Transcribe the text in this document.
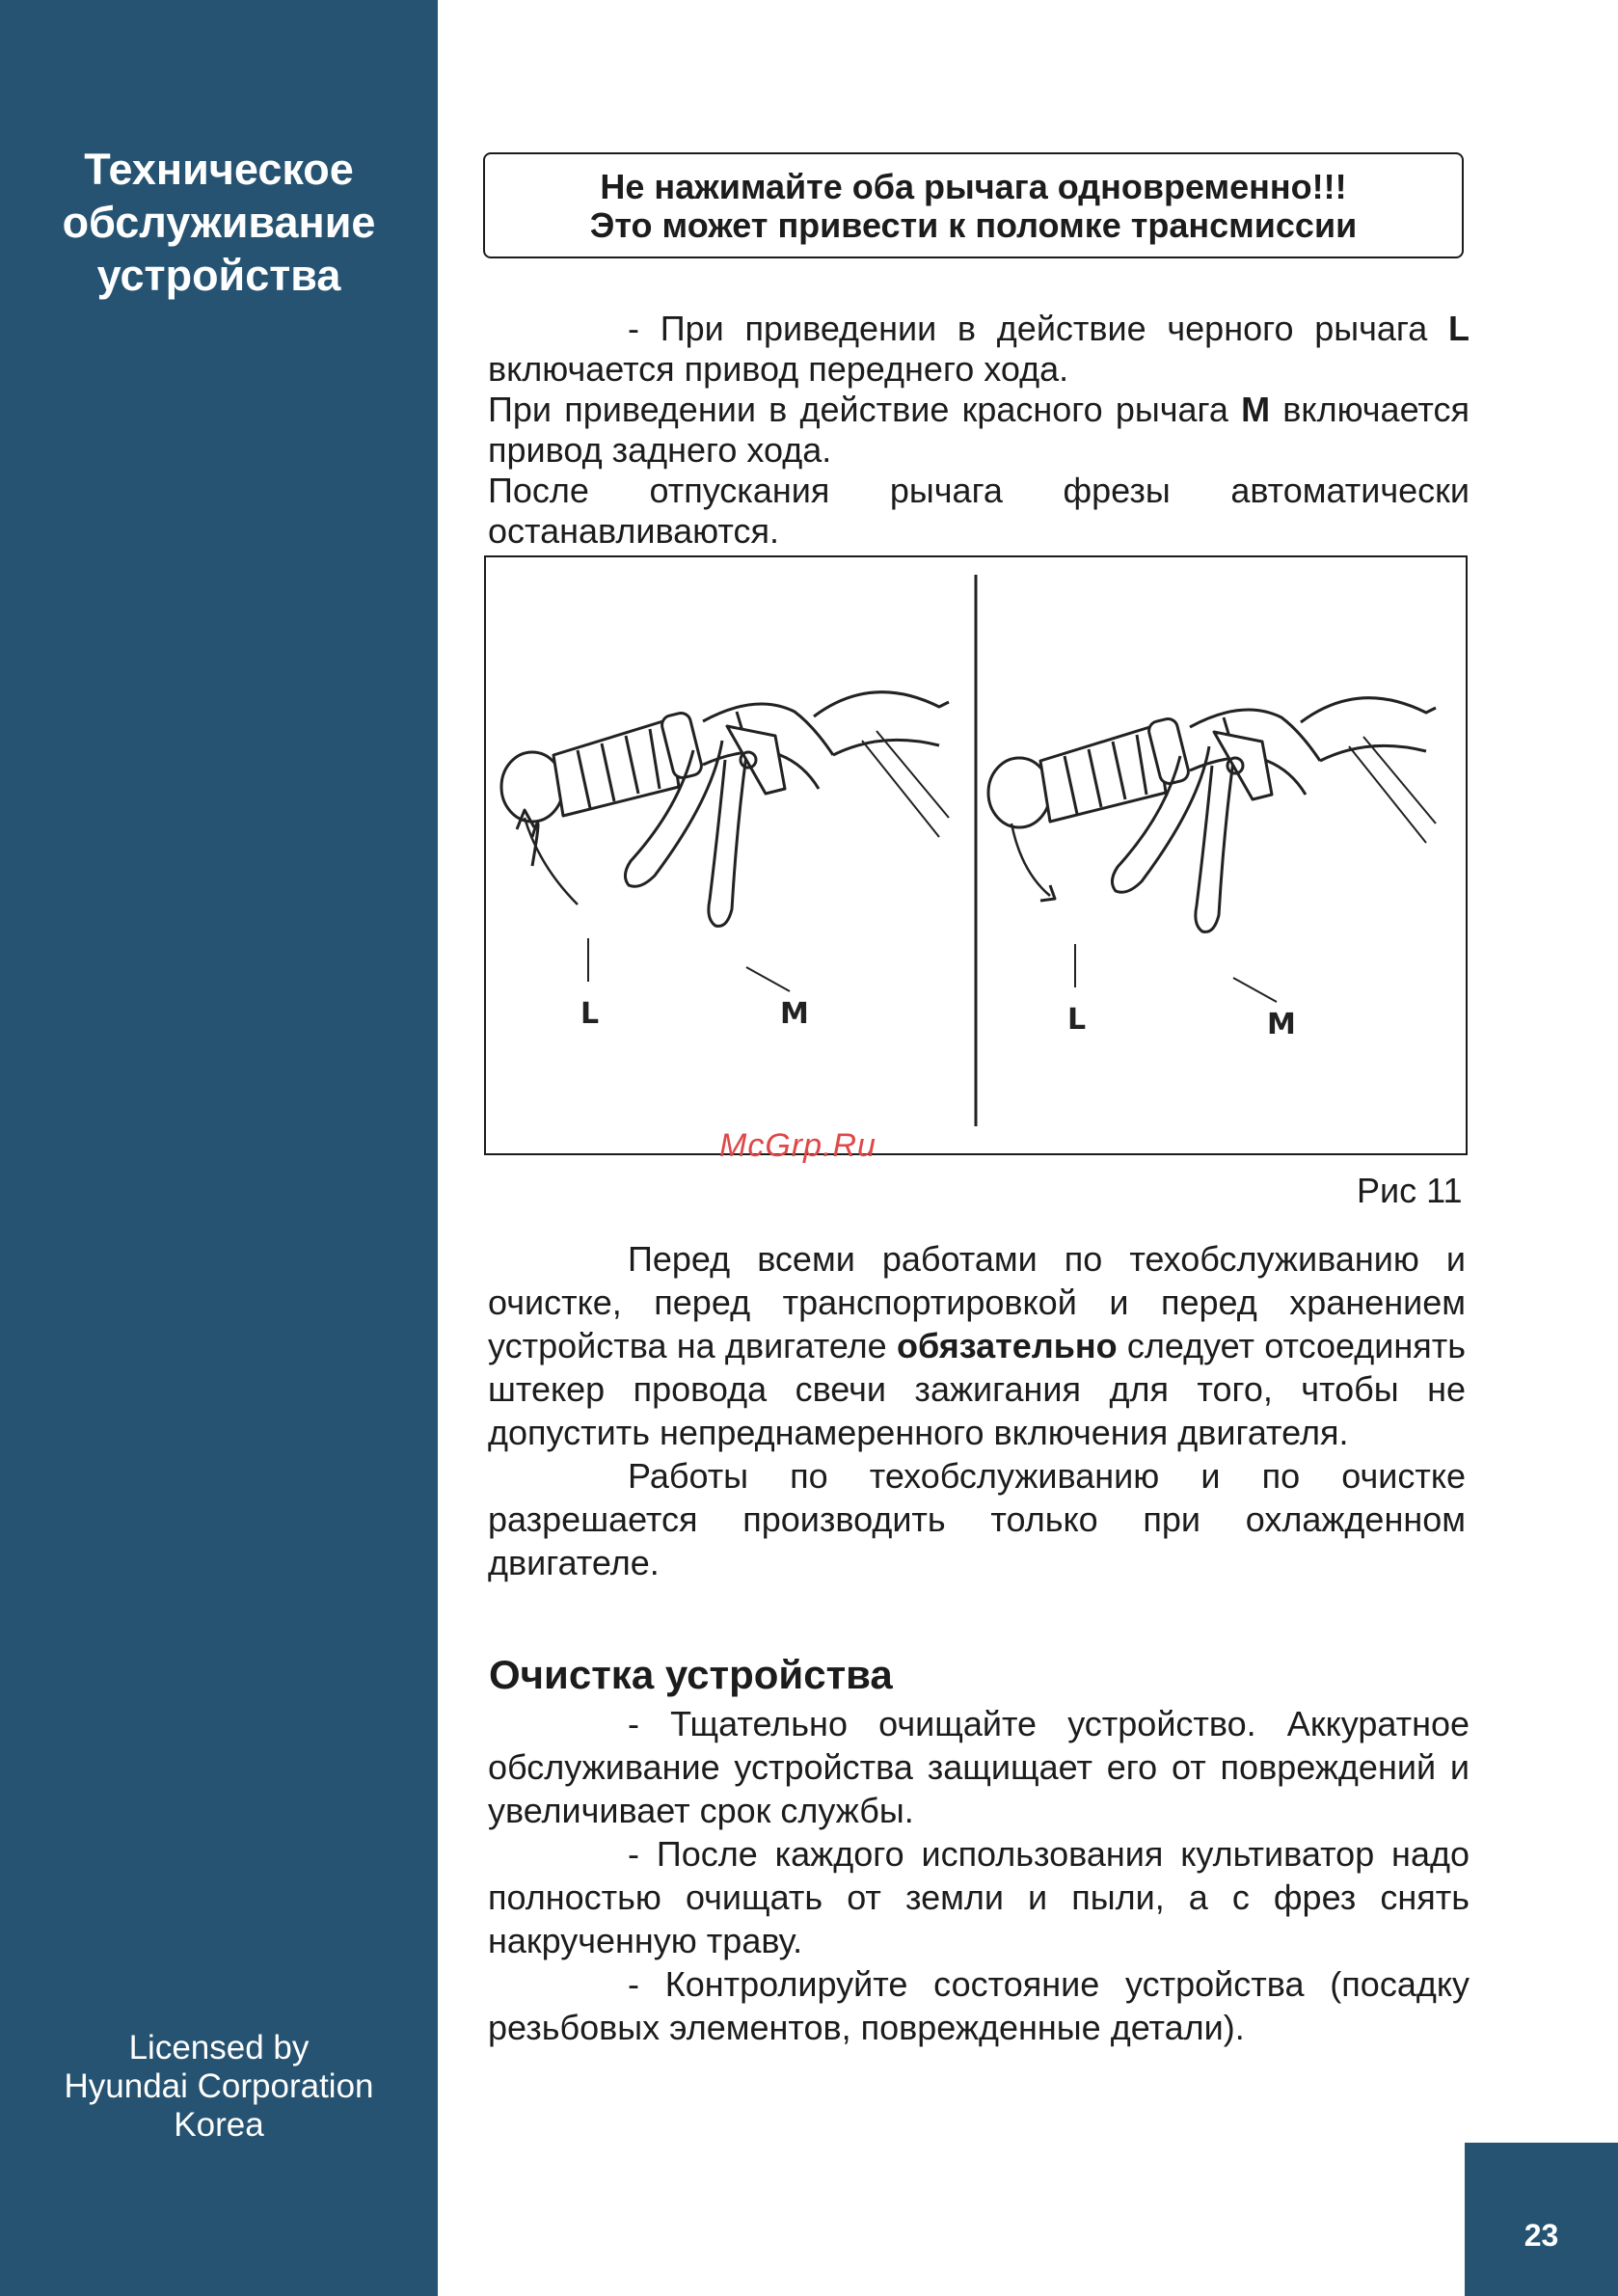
Техническое
обслуживание
устройства
Licensed by
Hyundai Corporation
Korea
Не нажимайте оба рычага одновременно!!!
Это может привести к поломке трансмиссии

- При приведении в действие черного рычага L включается привод переднего хода.

При приведении в действие красного рычага M включается привод заднего хода.

После отпускания рычага фрезы автоматически останавливаются.

L	M	L	M
McGrp.Ru
Рис 11

Перед всеми работами по техобслуживанию и очистке, перед транспортировкой и перед хранением устройства на двигателе обязательно следует отсоединять штекер провода свечи зажигания для того, чтобы не допустить непреднамеренного включения двигателя.

Работы по техобслуживанию и по очистке разрешается производить только при охлажденном двигателе.

Очистка устройства

- Тщательно очищайте устройство. Аккуратное обслуживание устройства защищает его от повреждений и увеличивает срок службы.

- После каждого использования культиватор надо полностью очищать от земли и пыли, а с фрез снять накрученную траву.

- Контролируйте состояние устройства (посадку резьбовых элементов, поврежденные детали).

23
